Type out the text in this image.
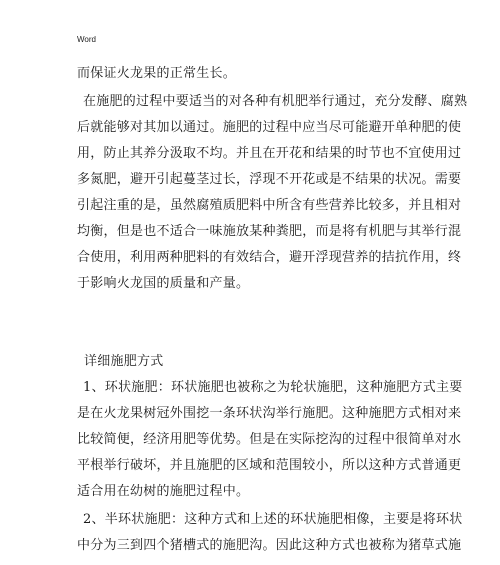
Word
而保证火龙果的正常生长。
在施肥的过程中要适当的对各种有机肥举行通过，充分发酵、腐熟
后就能够对其加以通过。施肥的过程中应当尽可能避开单种肥的使
用，防止其养分汲取不均。并且在开花和结果的时节也不宜使用过
多氮肥，避开引起蔓茎过长，浮现不开花或是不结果的状况。需要
引起注重的是，虽然腐殖质肥料中所含有些营养比较多，并且相对
均衡，但是也不适合一味施放某种粪肥，而是将有机肥与其举行混
合使用，利用两种肥料的有效结合，避开浮现营养的拮抗作用，终
于影响火龙国的质量和产量。
详细施肥方式
1、环状施肥：环状施肥也被称之为轮状施肥，这种施肥方式主要
是在火龙果树冠外围挖一条环状沟举行施肥。这种施肥方式相对来
比较简便，经济用肥等优势。但是在实际挖沟的过程中很简单对水
平根举行破坏，并且施肥的区域和范围较小，所以这种方式普通更
适合用在幼树的施肥过程中。
2、半环状施肥：这种方式和上述的环状施肥相像，主要是将环状
中分为三到四个猪槽式的施肥沟。因此这种方式也被称为猪草式施
